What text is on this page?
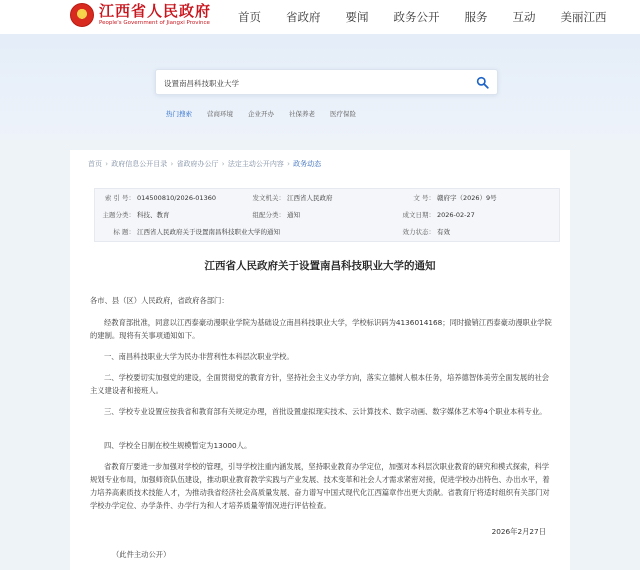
★
江西省人民政府
People's Government of Jiangxi Province 首页 省政府 要闻 政务公开 服务 互动 美丽江西
设置南昌科技职业大学
热门搜索 营商环境 企业开办 社保养老 医疗保险
首页 › 政府信息公开目录 › 省政府办公厅 › 法定主动公开内容 › 政务动态
索 引 号： 014500810/2026-01360	发文机关： 江西省人民政府	文 号： 赣府字（2026）9号
主题分类： 科技、教育	组配分类： 通知	成文日期： 2026-02-27
标 题： 江西省人民政府关于设置南昌科技职业大学的通知	效力状态： 有效
江西省人民政府关于设置南昌科技职业大学的通知
各市、县（区）人民政府，省政府各部门：
经教育部批准，同意以江西泰豪动漫职业学院为基础设立南昌科技职业大学，学校标识码为4136014168；同时撤销江西泰豪动漫职业学院的建制。现将有关事项通知如下。
一、南昌科技职业大学为民办非营利性本科层次职业学校。
二、学校要切实加强党的建设，全面贯彻党的教育方针，坚持社会主义办学方向，落实立德树人根本任务，培养德智体美劳全面发展的社会主义建设者和接班人。
三、学校专业设置应按我省和教育部有关规定办理，首批设置虚拟现实技术、云计算技术、数字动画、数字媒体艺术等4个职业本科专业。
四、学校全日制在校生规模暂定为13000人。
省教育厅要进一步加强对学校的管理，引导学校注重内涵发展，坚持职业教育办学定位，加强对本科层次职业教育的研究和模式探索，科学规划专业布局，加强师资队伍建设，推动职业教育教学实践与产业发展、技术变革和社会人才需求紧密对接，促进学校办出特色、办出水平，着力培养高素质技术技能人才，为推动我省经济社会高质量发展、奋力谱写中国式现代化江西篇章作出更大贡献。省教育厅将适时组织有关部门对学校办学定位、办学条件、办学行为和人才培养质量等情况进行评估检查。
2026年2月27日
（此件主动公开）
